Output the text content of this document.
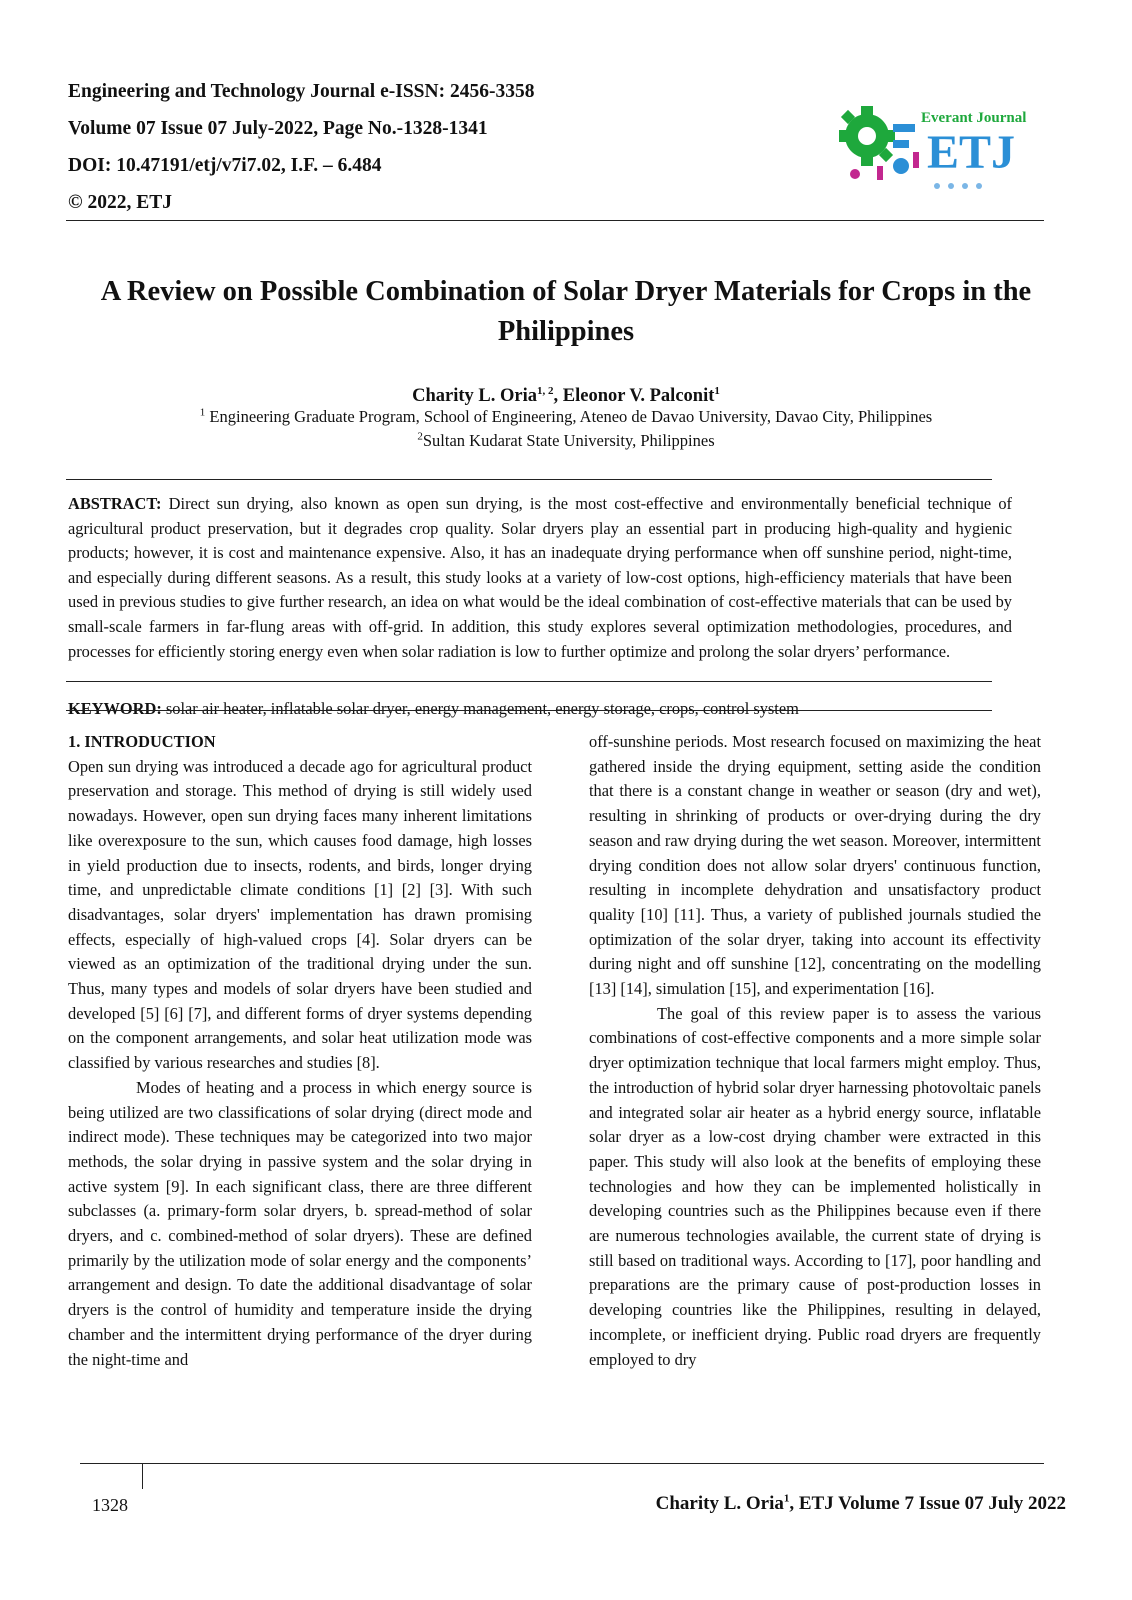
Engineering and Technology Journal e-ISSN: 2456-3358
Volume 07 Issue 07 July-2022, Page No.-1328-1341
DOI: 10.47191/etj/v7i7.02, I.F. – 6.484
© 2022, ETJ
Everant Journal
ETJ
A Review on Possible Combination of Solar Dryer Materials for Crops in the Philippines
Charity L. Oria$^{1, 2}$, Eleonor V. Palconit$^1$
$^1$ Engineering Graduate Program, School of Engineering, Ateneo de Davao University, Davao City, Philippines
$^2$Sultan Kudarat State University, Philippines
ABSTRACT: Direct sun drying, also known as open sun drying, is the most cost-effective and environmentally beneficial technique of agricultural product preservation, but it degrades crop quality. Solar dryers play an essential part in producing high-quality and hygienic products; however, it is cost and maintenance expensive. Also, it has an inadequate drying performance when off sunshine period, night-time, and especially during different seasons. As a result, this study looks at a variety of low-cost options, high-efficiency materials that have been used in previous studies to give further research, an idea on what would be the ideal combination of cost-effective materials that can be used by small-scale farmers in far-flung areas with off-grid. In addition, this study explores several optimization methodologies, procedures, and processes for efficiently storing energy even when solar radiation is low to further optimize and prolong the solar dryers’ performance.
KEYWORD: solar air heater, inflatable solar dryer, energy management, energy storage, crops, control system

1. INTRODUCTION

Open sun drying was introduced a decade ago for agricultural product preservation and storage. This method of drying is still widely used nowadays. However, open sun drying faces many inherent limitations like overexposure to the sun, which causes food damage, high losses in yield production due to insects, rodents, and birds, longer drying time, and unpredictable climate conditions [1] [2] [3]. With such disadvantages, solar dryers' implementation has drawn promising effects, especially of high-valued crops [4]. Solar dryers can be viewed as an optimization of the traditional drying under the sun. Thus, many types and models of solar dryers have been studied and developed [5] [6] [7], and different forms of dryer systems depending on the component arrangements, and solar heat utilization mode was classified by various researches and studies [8].

Modes of heating and a process in which energy source is being utilized are two classifications of solar drying (direct mode and indirect mode). These techniques may be categorized into two major methods, the solar drying in passive system and the solar drying in active system [9]. In each significant class, there are three different subclasses (a. primary-form solar dryers, b. spread-method of solar dryers, and c. combined-method of solar dryers). These are defined primarily by the utilization mode of solar energy and the components’ arrangement and design. To date the additional disadvantage of solar dryers is the control of humidity and temperature inside the drying chamber and the intermittent drying performance of the dryer during the night-time and

off-sunshine periods. Most research focused on maximizing the heat gathered inside the drying equipment, setting aside the condition that there is a constant change in weather or season (dry and wet), resulting in shrinking of products or over-drying during the dry season and raw drying during the wet season. Moreover, intermittent drying condition does not allow solar dryers' continuous function, resulting in incomplete dehydration and unsatisfactory product quality [10] [11]. Thus, a variety of published journals studied the optimization of the solar dryer, taking into account its effectivity during night and off sunshine [12], concentrating on the modelling [13] [14], simulation [15], and experimentation [16].

The goal of this review paper is to assess the various combinations of cost-effective components and a more simple solar dryer optimization technique that local farmers might employ. Thus, the introduction of hybrid solar dryer harnessing photovoltaic panels and integrated solar air heater as a hybrid energy source, inflatable solar dryer as a low-cost drying chamber were extracted in this paper. This study will also look at the benefits of employing these technologies and how they can be implemented holistically in developing countries such as the Philippines because even if there are numerous technologies available, the current state of drying is still based on traditional ways. According to [17], poor handling and preparations are the primary cause of post-production losses in developing countries like the Philippines, resulting in delayed, incomplete, or inefficient drying. Public road dryers are frequently employed to dry

1328	Charity L. Oria$^1$, ETJ Volume 7 Issue 07 July 2022
